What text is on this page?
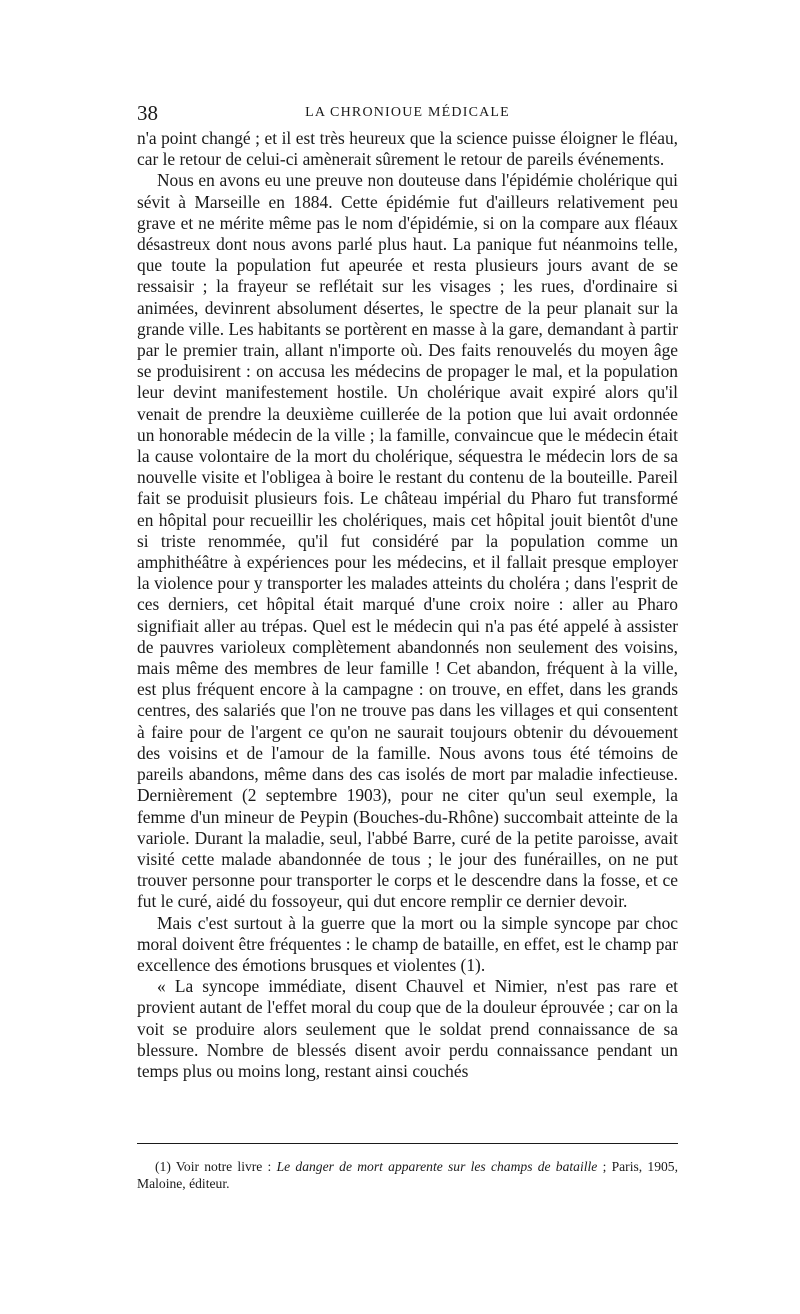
38	LA CHRONIOUE MÉDICALE

n'a point changé ; et il est très heureux que la science puisse éloigner le fléau, car le retour de celui-ci amènerait sûrement le retour de pareils événements.

Nous en avons eu une preuve non douteuse dans l'épidémie cholérique qui sévit à Marseille en 1884. Cette épidémie fut d'ailleurs relativement peu grave et ne mérite même pas le nom d'épidémie, si on la compare aux fléaux désastreux dont nous avons parlé plus haut. La panique fut néanmoins telle, que toute la population fut apeurée et resta plusieurs jours avant de se ressaisir ; la frayeur se reflétait sur les visages ; les rues, d'ordinaire si animées, devinrent absolument désertes, le spectre de la peur planait sur la grande ville. Les habitants se portèrent en masse à la gare, demandant à partir par le premier train, allant n'importe où. Des faits renouvelés du moyen âge se produisirent : on accusa les médecins de propager le mal, et la population leur devint manifestement hostile. Un cholérique avait expiré alors qu'il venait de prendre la deuxième cuillerée de la potion que lui avait ordonnée un honorable médecin de la ville ; la famille, convaincue que le médecin était la cause volontaire de la mort du cholérique, séquestra le médecin lors de sa nouvelle visite et l'obligea à boire le restant du contenu de la bouteille. Pareil fait se produisit plusieurs fois. Le château impérial du Pharo fut transformé en hôpital pour recueillir les cholériques, mais cet hôpital jouit bientôt d'une si triste renommée, qu'il fut considéré par la population comme un amphithéâtre à expériences pour les médecins, et il fallait presque employer la violence pour y transporter les malades atteints du choléra ; dans l'esprit de ces derniers, cet hôpital était marqué d'une croix noire : aller au Pharo signifiait aller au trépas. Quel est le médecin qui n'a pas été appelé à assister de pauvres varioleux complètement abandonnés non seulement des voisins, mais même des membres de leur famille ! Cet abandon, fréquent à la ville, est plus fréquent encore à la campagne : on trouve, en effet, dans les grands centres, des salariés que l'on ne trouve pas dans les villages et qui consentent à faire pour de l'argent ce qu'on ne saurait toujours obtenir du dévouement des voisins et de l'amour de la famille. Nous avons tous été témoins de pareils abandons, même dans des cas isolés de mort par maladie infectieuse. Dernièrement (2 septembre 1903), pour ne citer qu'un seul exemple, la femme d'un mineur de Peypin (Bouches-du-Rhône) succombait atteinte de la variole. Durant la maladie, seul, l'abbé Barre, curé de la petite paroisse, avait visité cette malade abandonnée de tous ; le jour des funérailles, on ne put trouver personne pour transporter le corps et le descendre dans la fosse, et ce fut le curé, aidé du fossoyeur, qui dut encore remplir ce dernier devoir.

Mais c'est surtout à la guerre que la mort ou la simple syncope par choc moral doivent être fréquentes : le champ de bataille, en effet, est le champ par excellence des émotions brusques et violentes (1).

« La syncope immédiate, disent Chauvel et Nimier, n'est pas rare et provient autant de l'effet moral du coup que de la douleur éprouvée ; car on la voit se produire alors seulement que le soldat prend connaissance de sa blessure. Nombre de blessés disent avoir perdu connaissance pendant un temps plus ou moins long, restant ainsi couchés

(1) Voir notre livre : Le danger de mort apparente sur les champs de bataille ; Paris, 1905, Maloine, éditeur.
